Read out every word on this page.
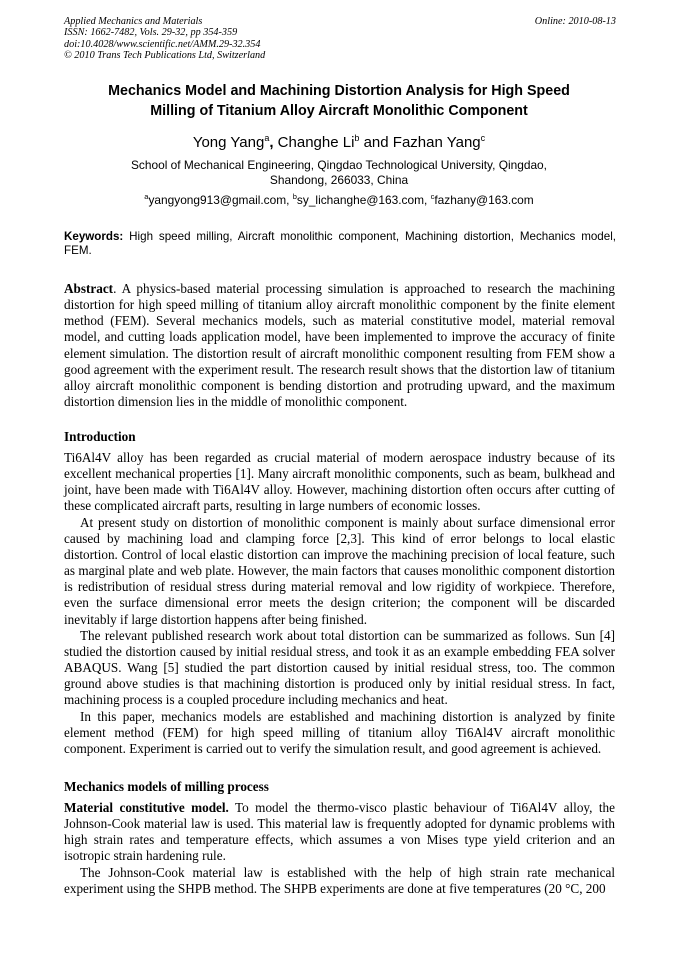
Applied Mechanics and Materials
ISSN: 1662-7482, Vols. 29-32, pp 354-359
doi:10.4028/www.scientific.net/AMM.29-32.354
© 2010 Trans Tech Publications Ltd, Switzerland
Online: 2010-08-13
Mechanics Model and Machining Distortion Analysis for High Speed
Milling of Titanium Alloy Aircraft Monolithic Component
Yong Yang$^a$, Changhe Li$^b$ and Fazhan Yang$^c$
School of Mechanical Engineering, Qingdao Technological University, Qingdao,
Shandong, 266033, China
$^a$yangyong913@gmail.com, $^b$sy_lichanghe@163.com, $^c$fazhany@163.com
Keywords: High speed milling, Aircraft monolithic component, Machining distortion, Mechanics model, FEM.

Abstract. A physics-based material processing simulation is approached to research the machining distortion for high speed milling of titanium alloy aircraft monolithic component by the finite element method (FEM). Several mechanics models, such as material constitutive model, material removal model, and cutting loads application model, have been implemented to improve the accuracy of finite element simulation. The distortion result of aircraft monolithic component resulting from FEM show a good agreement with the experiment result. The research result shows that the distortion law of titanium alloy aircraft monolithic component is bending distortion and protruding upward, and the maximum distortion dimension lies in the middle of monolithic component.

Introduction

Ti6Al4V alloy has been regarded as crucial material of modern aerospace industry because of its excellent mechanical properties [1]. Many aircraft monolithic components, such as beam, bulkhead and joint, have been made with Ti6Al4V alloy. However, machining distortion often occurs after cutting of these complicated aircraft parts, resulting in large numbers of economic losses.

At present study on distortion of monolithic component is mainly about surface dimensional error caused by machining load and clamping force [2,3]. This kind of error belongs to local elastic distortion. Control of local elastic distortion can improve the machining precision of local feature, such as marginal plate and web plate. However, the main factors that causes monolithic component distortion is redistribution of residual stress during material removal and low rigidity of workpiece. Therefore, even the surface dimensional error meets the design criterion; the component will be discarded inevitably if large distortion happens after being finished.

The relevant published research work about total distortion can be summarized as follows. Sun [4] studied the distortion caused by initial residual stress, and took it as an example embedding FEA solver ABAQUS. Wang [5] studied the part distortion caused by initial residual stress, too. The common ground above studies is that machining distortion is produced only by initial residual stress. In fact, machining process is a coupled procedure including mechanics and heat.

In this paper, mechanics models are established and machining distortion is analyzed by finite element method (FEM) for high speed milling of titanium alloy Ti6Al4V aircraft monolithic component. Experiment is carried out to verify the simulation result, and good agreement is achieved.

Mechanics models of milling process

Material constitutive model. To model the thermo-visco plastic behaviour of Ti6Al4V alloy, the Johnson-Cook material law is used. This material law is frequently adopted for dynamic problems with high strain rates and temperature effects, which assumes a von Mises type yield criterion and an isotropic strain hardening rule.

The Johnson-Cook material law is established with the help of high strain rate mechanical experiment using the SHPB method. The SHPB experiments are done at five temperatures (20 °C, 200
